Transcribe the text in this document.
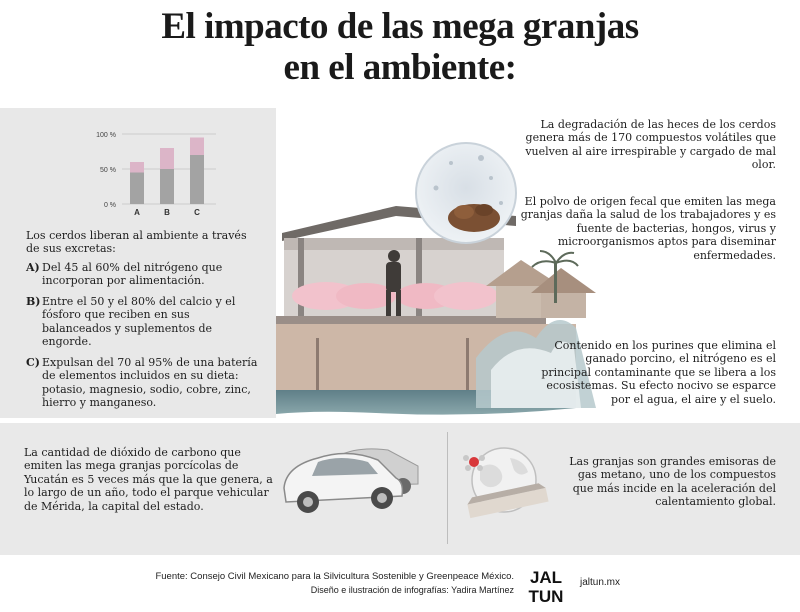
El impacto de las mega granjas
en el ambiente:
100 %
50 %
0 %
A	B	C
Los cerdos liberan al ambiente a través de sus excretas:
A) Del 45 al 60% del nitrógeno que incorporan por alimentación.
B) Entre el 50 y el 80% del calcio y el fósforo que reciben en sus balanceados y suplementos de engorde.
C) Expulsan del 70 al 95% de una batería de elementos incluidos en su dieta: potasio, magnesio, sodio, cobre, zinc, hierro y manganeso.
La degradación de las heces de los cerdos genera más de 170 compuestos volátiles que vuelven al aire irrespirable y cargado de mal olor.
El polvo de origen fecal que emiten las mega granjas daña la salud de los trabajadores y es fuente de bacterias, hongos, virus y microorganismos aptos para diseminar enfermedades.
Contenido en los purines que elimina el ganado porcino, el nitrógeno es el principal contaminante que se libera a los ecosistemas. Su efecto nocivo se esparce por el agua, el aire y el suelo.
La cantidad de dióxido de carbono que emiten las mega granjas porcícolas de Yucatán es 5 veces más que la que genera, a lo largo de un año, todo el parque vehicular de Mérida, la capital del estado.
Las granjas son grandes emisoras de gas metano, uno de los compuestos que más incide en la aceleración del calentamiento global.
Fuente: Consejo Civil Mexicano para la Silvicultura Sostenible y Greenpeace México.
Diseño e ilustración de infografías: Yadira Martínez
JAL
TUN
jaltun.mx
